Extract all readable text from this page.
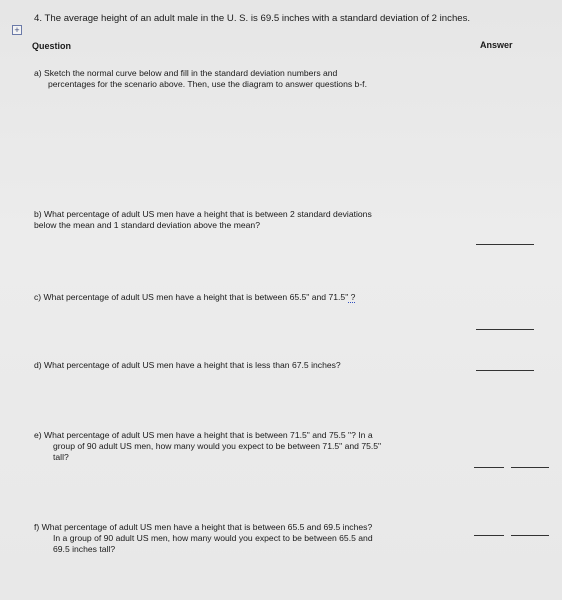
+
4. The average height of an adult male in the U. S. is 69.5 inches with a standard deviation of 2 inches.
Question	Answer
a) Sketch the normal curve below and fill in the standard deviation numbers and
percentages for the scenario above. Then, use the diagram to answer questions b-f.
b) What percentage of adult US men have a height that is between 2 standard deviations
below the mean and 1 standard deviation above the mean?
c) What percentage of adult US men have a height that is between 65.5" and 71.5" ?
d) What percentage of adult US men have a height that is less than 67.5 inches?
e) What percentage of adult US men have a height that is between 71.5" and 75.5 "? In a
group of 90 adult US men, how many would you expect to be between 71.5" and 75.5"
tall?
f) What percentage of adult US men have a height that is between 65.5 and 69.5 inches?
In a group of 90 adult US men, how many would you expect to be between 65.5 and
69.5 inches tall?
